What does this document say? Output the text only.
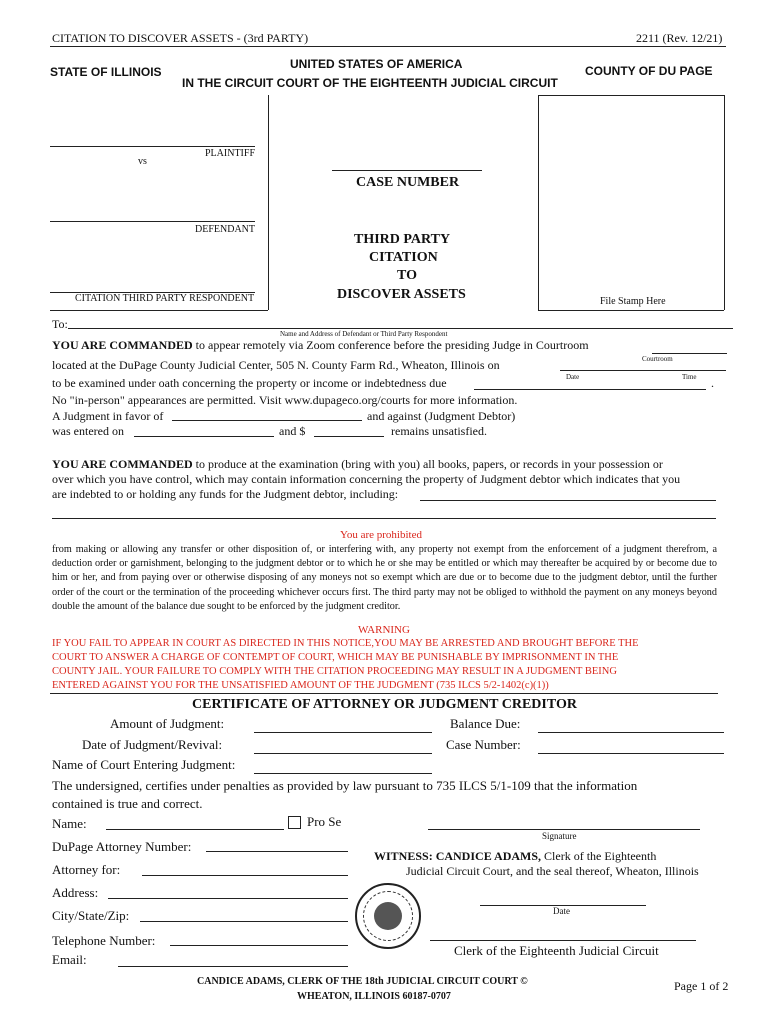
CITATION TO DISCOVER ASSETS - (3rd PARTY)	2211 (Rev. 12/21)
UNITED STATES OF AMERICA
STATE OF ILLINOIS	COUNTY OF DU PAGE
IN THE CIRCUIT COURT OF THE EIGHTEENTH JUDICIAL CIRCUIT
PLAINTIFF
vs
DEFENDANT
CITATION THIRD PARTY RESPONDENT
CASE NUMBER
THIRD PARTY
CITATION
TO
DISCOVER ASSETS	File Stamp Here
To:
Name and Address of Defendant or Third Party Respondent
YOU ARE COMMANDED to appear remotely via Zoom conference before the presiding Judge in Courtroom
Courtroom
located at the DuPage County Judicial Center, 505 N. County Farm Rd., Wheaton, Illinois on
Date	Time
to be examined under oath concerning the property or income or indebtedness due	.
No "in-person" appearances are permitted. Visit www.dupageco.org/courts for more information.
A Judgment in favor of	and against (Judgment Debtor)
was entered on	and $	remains unsatisfied.
YOU ARE COMMANDED to produce at the examination (bring with you) all books, papers, or records in your possession or
over which you have control, which may contain information concerning the property of Judgment debtor which indicates that you
are indebted to or holding any funds for the Judgment debtor, including:
You are prohibited
from making or allowing any transfer or other disposition of, or interfering with, any property not exempt from the enforcement of a judgment therefrom, a deduction order or garnishment, belonging to the judgment debtor or to which he or she may be entitled or which may thereafter be acquired by or become due to him or her, and from paying over or otherwise disposing of any moneys not so exempt which are due or to become due to the judgment debtor, until the further order of the court or the termination of the proceeding whichever occurs first. The third party may not be obliged to withhold the payment on any moneys beyond double the amount of the balance due sought to be enforced by the judgment creditor.
WARNING
IF YOU FAIL TO APPEAR IN COURT AS DIRECTED IN THIS NOTICE,YOU MAY BE ARRESTED AND BROUGHT BEFORE THE
COURT TO ANSWER A CHARGE OF CONTEMPT OF COURT, WHICH MAY BE PUNISHABLE BY IMPRISONMENT IN THE
COUNTY JAIL. YOUR FAILURE TO COMPLY WITH THE CITATION PROCEEDING MAY RESULT IN A JUDGMENT BEING
ENTERED AGAINST YOU FOR THE UNSATISFIED AMOUNT OF THE JUDGMENT (735 ILCS 5/2-1402(c)(1))
CERTIFICATE OF ATTORNEY OR JUDGMENT CREDITOR
Amount of Judgment:	Balance Due:
Date of Judgment/Revival:	Case Number:
Name of Court Entering Judgment:
The undersigned, certifies under penalties as provided by law pursuant to 735 ILCS 5/1-109 that the information
contained is true and correct.
Name:	Pro Se
Signature
DuPage Attorney Number:
WITNESS: CANDICE ADAMS, Clerk of the Eighteenth
Judicial Circuit Court, and the seal thereof, Wheaton, Illinois
Attorney for:
Address:
City/State/Zip:	Date
Telephone Number:
Clerk of the Eighteenth Judicial Circuit
Email:
CANDICE ADAMS, CLERK OF THE 18th JUDICIAL CIRCUIT COURT ©
WHEATON, ILLINOIS 60187-0707
Page 1 of 2
